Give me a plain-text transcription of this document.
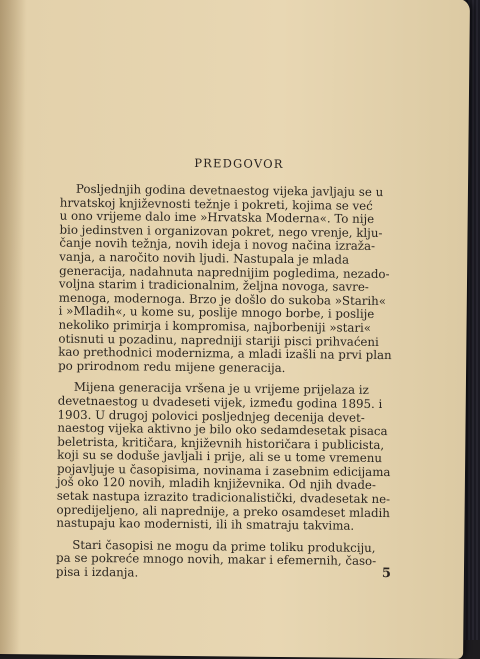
PREDGOVOR
Posljednjih godina devetnaestog vijeka javljaju se u
hrvatskoj književnosti težnje i pokreti, kojima se već
u ono vrijeme dalo ime »Hrvatska Moderna«. To nije
bio jedinstven i organizovan pokret, nego vrenje, klju-
čanje novih težnja, novih ideja i novog načina izraža-
vanja, a naročito novih ljudi. Nastupala je mlada
generacija, nadahnuta naprednijim pogledima, nezado-
voljna starim i tradicionalnim, željna novoga, savre-
menoga, modernoga. Brzo je došlo do sukoba »Starih«
i »Mladih«, u kome su, poslije mnogo borbe, i poslije
nekoliko primirja i kompromisa, najborbeniji »stari«
otisnuti u pozadinu, napredniji stariji pisci prihvaćeni
kao prethodnici modernizma, a mladi izašli na prvi plan
po prirodnom redu mijene generacija.
Mijena generacija vršena je u vrijeme prijelaza iz
devetnaestog u dvadeseti vijek, između godina 1895. i
1903. U drugoj polovici posljednjeg decenija devet-
naestog vijeka aktivno je bilo oko sedamdesetak pisaca
beletrista, kritičara, književnih historičara i publicista,
koji su se doduše javljali i prije, ali se u tome vremenu
pojavljuje u časopisima, novinama i zasebnim edicijama
još oko 120 novih, mladih književnika. Od njih dvade-
setak nastupa izrazito tradicionalistički, dvadesetak ne-
opredijeljeno, ali naprednije, a preko osamdeset mladih
nastupaju kao modernisti, ili ih smatraju takvima.
Stari časopisi ne mogu da prime toliku produkciju,
pa se pokreće mnogo novih, makar i efemernih, časo-
pisa i izdanja.	5
